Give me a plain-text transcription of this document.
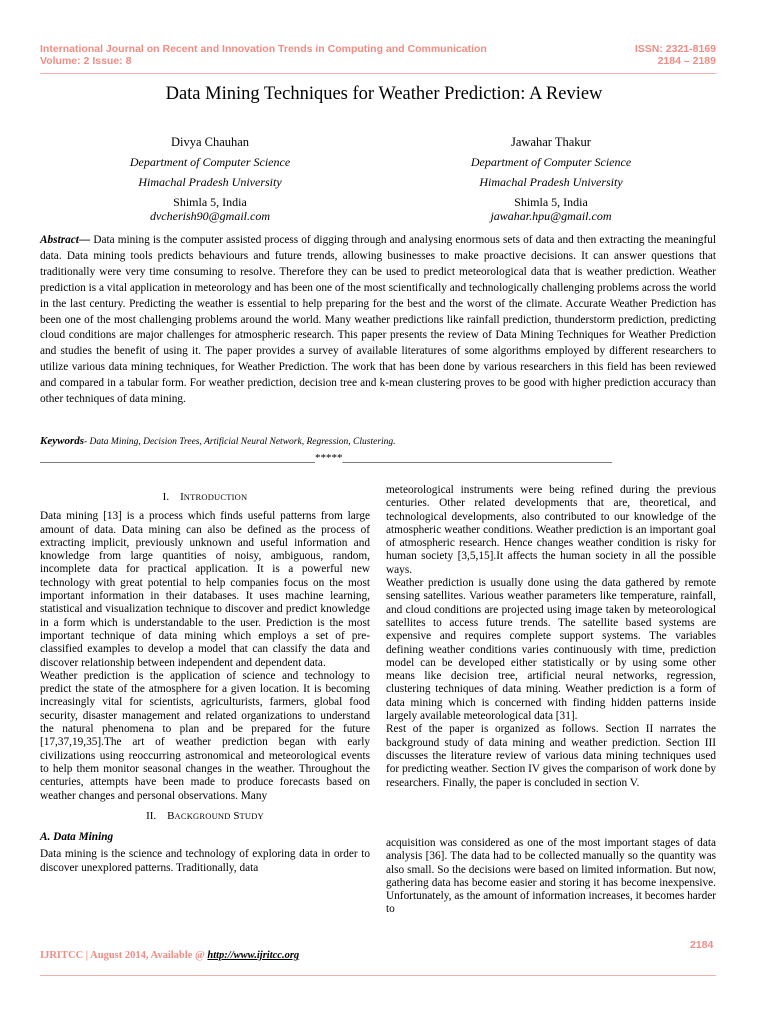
International Journal on Recent and Innovation Trends in Computing and Communication
Volume: 2 Issue: 8
ISSN: 2321-8169
2184 – 2189
Data Mining Techniques for Weather Prediction: A Review
Divya Chauhan
Department of Computer Science
Himachal Pradesh University
Shimla 5, India
dvcherish90@gmail.com
Jawahar Thakur
Department of Computer Science
Himachal Pradesh University
Shimla 5, India
jawahar.hpu@gmail.com
Abstract— Data mining is the computer assisted process of digging through and analysing enormous sets of data and then extracting the meaningful data. Data mining tools predicts behaviours and future trends, allowing businesses to make proactive decisions. It can answer questions that traditionally were very time consuming to resolve. Therefore they can be used to predict meteorological data that is weather prediction. Weather prediction is a vital application in meteorology and has been one of the most scientifically and technologically challenging problems across the world in the last century. Predicting the weather is essential to help preparing for the best and the worst of the climate. Accurate Weather Prediction has been one of the most challenging problems around the world. Many weather predictions like rainfall prediction, thunderstorm prediction, predicting cloud conditions are major challenges for atmospheric research. This paper presents the review of Data Mining Techniques for Weather Prediction and studies the benefit of using it. The paper provides a survey of available literatures of some algorithms employed by different researchers to utilize various data mining techniques, for Weather Prediction. The work that has been done by various researchers in this field has been reviewed and compared in a tabular form. For weather prediction, decision tree and k-mean clustering proves to be good with higher prediction accuracy than other techniques of data mining.
Keywords- Data Mining, Decision Trees, Artificial Neural Network, Regression, Clustering.
__________________________________________________*****_________________________________________________

I. INTRODUCTION

Data mining [13] is a process which finds useful patterns from large amount of data. Data mining can also be defined as the process of extracting implicit, previously unknown and useful information and knowledge from large quantities of noisy, ambiguous, random, incomplete data for practical application. It is a powerful new technology with great potential to help companies focus on the most important information in their databases. It uses machine learning, statistical and visualization technique to discover and predict knowledge in a form which is understandable to the user. Prediction is the most important technique of data mining which employs a set of pre-classified examples to develop a model that can classify the data and discover relationship between independent and dependent data.

Weather prediction is the application of science and technology to predict the state of the atmosphere for a given location. It is becoming increasingly vital for scientists, agriculturists, farmers, global food security, disaster management and related organizations to understand the natural phenomena to plan and be prepared for the future [17,37,19,35].The art of weather prediction began with early civilizations using reoccurring astronomical and meteorological events to help them monitor seasonal changes in the weather. Throughout the centuries, attempts have been made to produce forecasts based on weather changes and personal observations. Many

II. BACKGROUND STUDY

A. Data Mining

Data mining is the science and technology of exploring data in order to discover unexplored patterns. Traditionally, data

meteorological instruments were being refined during the previous centuries. Other related developments that are, theoretical, and technological developments, also contributed to our knowledge of the atmospheric weather conditions. Weather prediction is an important goal of atmospheric research. Hence changes weather condition is risky for human society [3,5,15].It affects the human society in all the possible ways.

Weather prediction is usually done using the data gathered by remote sensing satellites. Various weather parameters like temperature, rainfall, and cloud conditions are projected using image taken by meteorological satellites to access future trends. The satellite based systems are expensive and requires complete support systems. The variables defining weather conditions varies continuously with time, prediction model can be developed either statistically or by using some other means like decision tree, artificial neural networks, regression, clustering techniques of data mining. Weather prediction is a form of data mining which is concerned with finding hidden patterns inside largely available meteorological data [31].

Rest of the paper is organized as follows. Section II narrates the background study of data mining and weather prediction. Section III discusses the literature review of various data mining techniques used for predicting weather. Section IV gives the comparison of work done by researchers. Finally, the paper is concluded in section V.

acquisition was considered as one of the most important stages of data analysis [36]. The data had to be collected manually so the quantity was also small. So the decisions were based on limited information. But now, gathering data has become easier and storing it has become inexpensive. Unfortunately, as the amount of information increases, it becomes harder to

2184
IJRITCC | August 2014, Available @ http://www.ijritcc.org
